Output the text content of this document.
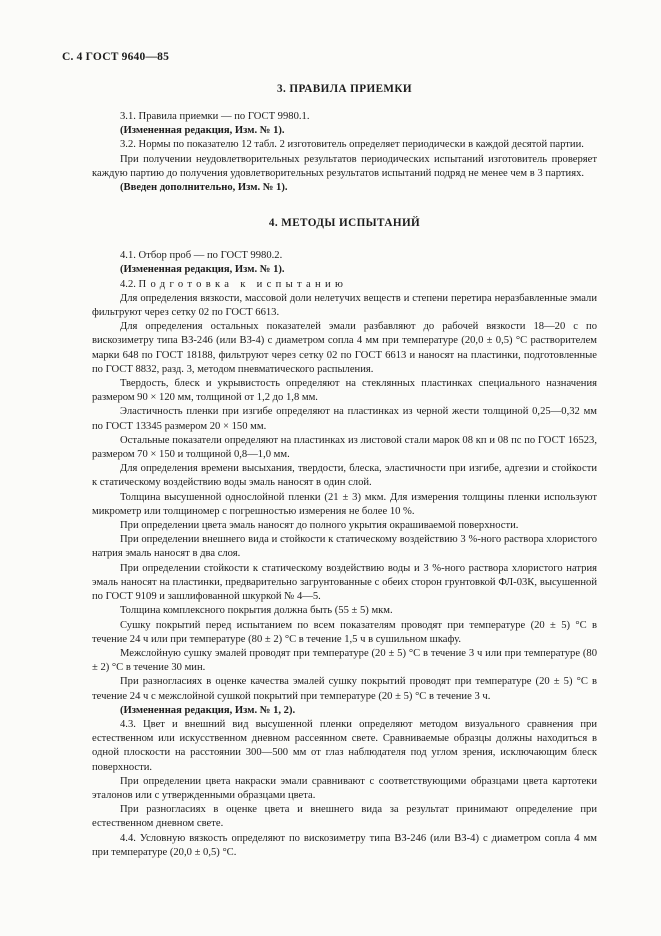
С. 4 ГОСТ 9640—85
3. ПРАВИЛА ПРИЕМКИ

3.1. Правила приемки — по ГОСТ 9980.1.

(Измененная редакция, Изм. № 1).

3.2. Нормы по показателю 12 табл. 2 изготовитель определяет периодически в каждой десятой партии.

При получении неудовлетворительных результатов периодических испытаний изготовитель проверяет каждую партию до получения удовлетворительных результатов испытаний подряд не менее чем в 3 партиях.

(Введен дополнительно, Изм. № 1).

4. МЕТОДЫ ИСПЫТАНИЙ

4.1. Отбор проб — по ГОСТ 9980.2.

(Измененная редакция, Изм. № 1).

4.2. Подготовка к испытанию

Для определения вязкости, массовой доли нелетучих веществ и степени перетира неразбавленные эмали фильтруют через сетку 02 по ГОСТ 6613.

Для определения остальных показателей эмали разбавляют до рабочей вязкости 18—20 с по вискозиметру типа ВЗ-246 (или ВЗ-4) с диаметром сопла 4 мм при температуре (20,0 ± 0,5) °С растворителем марки 648 по ГОСТ 18188, фильтруют через сетку 02 по ГОСТ 6613 и наносят на пластинки, подготовленные по ГОСТ 8832, разд. 3, методом пневматического распыления.

Твердость, блеск и укрывистость определяют на стеклянных пластинках специального назначения размером 90 × 120 мм, толщиной от 1,2 до 1,8 мм.

Эластичность пленки при изгибе определяют на пластинках из черной жести толщиной 0,25—0,32 мм по ГОСТ 13345 размером 20 × 150 мм.

Остальные показатели определяют на пластинках из листовой стали марок 08 кп и 08 пс по ГОСТ 16523, размером 70 × 150 и толщиной 0,8—1,0 мм.

Для определения времени высыхания, твердости, блеска, эластичности при изгибе, адгезии и стойкости к статическому воздействию воды эмаль наносят в один слой.

Толщина высушенной однослойной пленки (21 ± 3) мкм. Для измерения толщины пленки используют микрометр или толщиномер с погрешностью измерения не более 10 %.

При определении цвета эмаль наносят до полного укрытия окрашиваемой поверхности.

При определении внешнего вида и стойкости к статическому воздействию 3 %-ного раствора хлористого натрия эмаль наносят в два слоя.

При определении стойкости к статическому воздействию воды и 3 %-ного раствора хлористого натрия эмаль наносят на пластинки, предварительно загрунтованные с обеих сторон грунтовкой ФЛ-03К, высушенной по ГОСТ 9109 и зашлифованной шкуркой № 4—5.

Толщина комплексного покрытия должна быть (55 ± 5) мкм.

Сушку покрытий перед испытанием по всем показателям проводят при температуре (20 ± 5) °С в течение 24 ч или при температуре (80 ± 2) °С в течение 1,5 ч в сушильном шкафу.

Межслойную сушку эмалей проводят при температуре (20 ± 5) °С в течение 3 ч или при температуре (80 ± 2) °С в течение 30 мин.

При разногласиях в оценке качества эмалей сушку покрытий проводят при температуре (20 ± 5) °С в течение 24 ч с межслойной сушкой покрытий при температуре (20 ± 5) °С в течение 3 ч.

(Измененная редакция, Изм. № 1, 2).

4.3. Цвет и внешний вид высушенной пленки определяют методом визуального сравнения при естественном или искусственном дневном рассеянном свете. Сравниваемые образцы должны находиться в одной плоскости на расстоянии 300—500 мм от глаз наблюдателя под углом зрения, исключающим блеск поверхности.

При определении цвета накраски эмали сравнивают с соответствующими образцами цвета картотеки эталонов или с утвержденными образцами цвета.

При разногласиях в оценке цвета и внешнего вида за результат принимают определение при естественном дневном свете.

4.4. Условную вязкость определяют по вискозиметру типа ВЗ-246 (или ВЗ-4) с диаметром сопла 4 мм при температуре (20,0 ± 0,5) °С.
